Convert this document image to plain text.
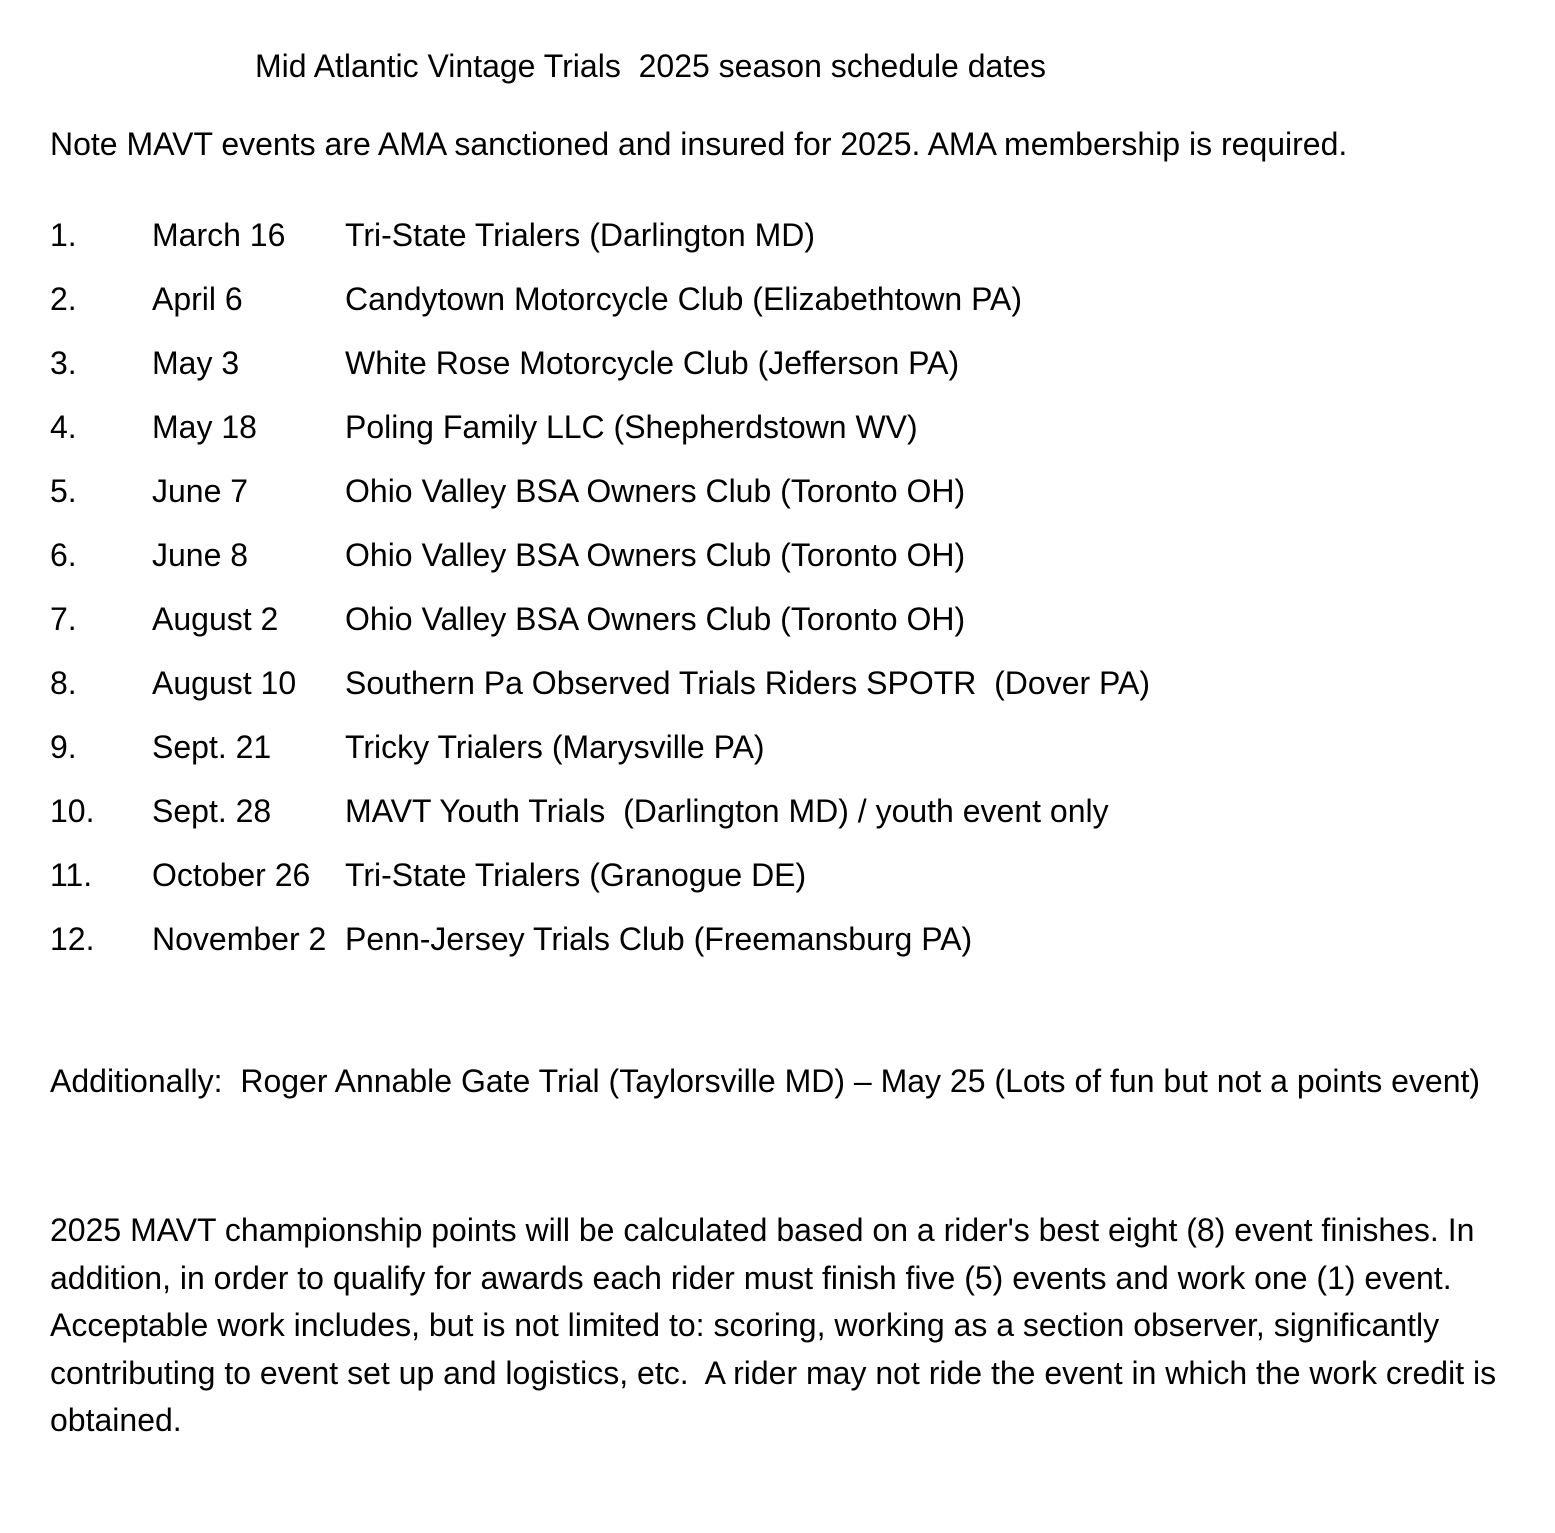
Mid Atlantic Vintage Trials  2025 season schedule dates

Note MAVT events are AMA sanctioned and insured for 2025. AMA membership is required.

1.	March 16	Tri-State Trialers (Darlington MD)
2.	April 6	Candytown Motorcycle Club (Elizabethtown PA)
3.	May 3	White Rose Motorcycle Club (Jefferson PA)
4.	May 18	Poling Family LLC (Shepherdstown WV)
5.	June 7	Ohio Valley BSA Owners Club (Toronto OH)
6.	June 8	Ohio Valley BSA Owners Club (Toronto OH)
7.	August 2	Ohio Valley BSA Owners Club (Toronto OH)
8.	August 10	Southern Pa Observed Trials Riders SPOTR  (Dover PA)
9.	Sept. 21	Tricky Trialers (Marysville PA)
10.	Sept. 28	MAVT Youth Trials  (Darlington MD) / youth event only
11.	October 26	Tri-State Trialers (Granogue DE)
12.	November 2 Penn-Jersey Trials Club (Freemansburg PA)

Additionally:  Roger Annable Gate Trial (Taylorsville MD) – May 25 (Lots of fun but not a points event)

2025 MAVT championship points will be calculated based on a rider's best eight (8) event finishes. In addition, in order to qualify for awards each rider must finish five (5) events and work one (1) event.  Acceptable work includes, but is not limited to: scoring, working as a section observer, significantly contributing to event set up and logistics, etc.  A rider may not ride the event in which the work credit is obtained.
